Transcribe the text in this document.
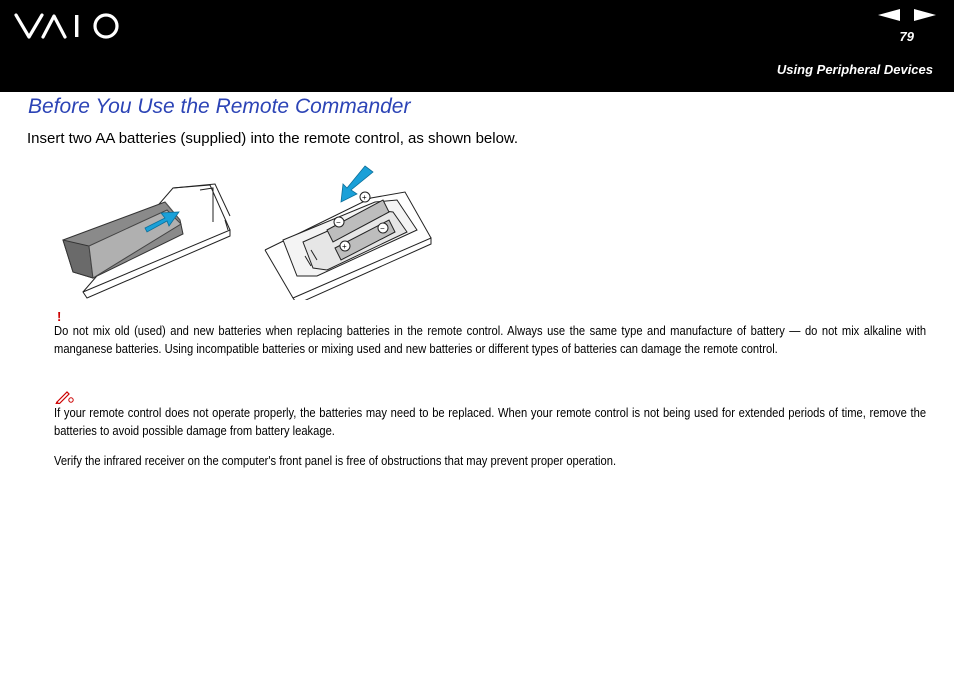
79
Using Peripheral Devices
Before You Use the Remote Commander

Insert two AA batteries (supplied) into the remote control, as shown below.

+
−
+
−
!

Do not mix old (used) and new batteries when replacing batteries in the remote control. Always use the same type and manufacture of battery — do not mix alkaline with manganese batteries. Using incompatible batteries or mixing used and new batteries or different types of batteries can damage the remote control.

If your remote control does not operate properly, the batteries may need to be replaced. When your remote control is not being used for extended periods of time, remove the batteries to avoid possible damage from battery leakage.

Verify the infrared receiver on the computer's front panel is free of obstructions that may prevent proper operation.
